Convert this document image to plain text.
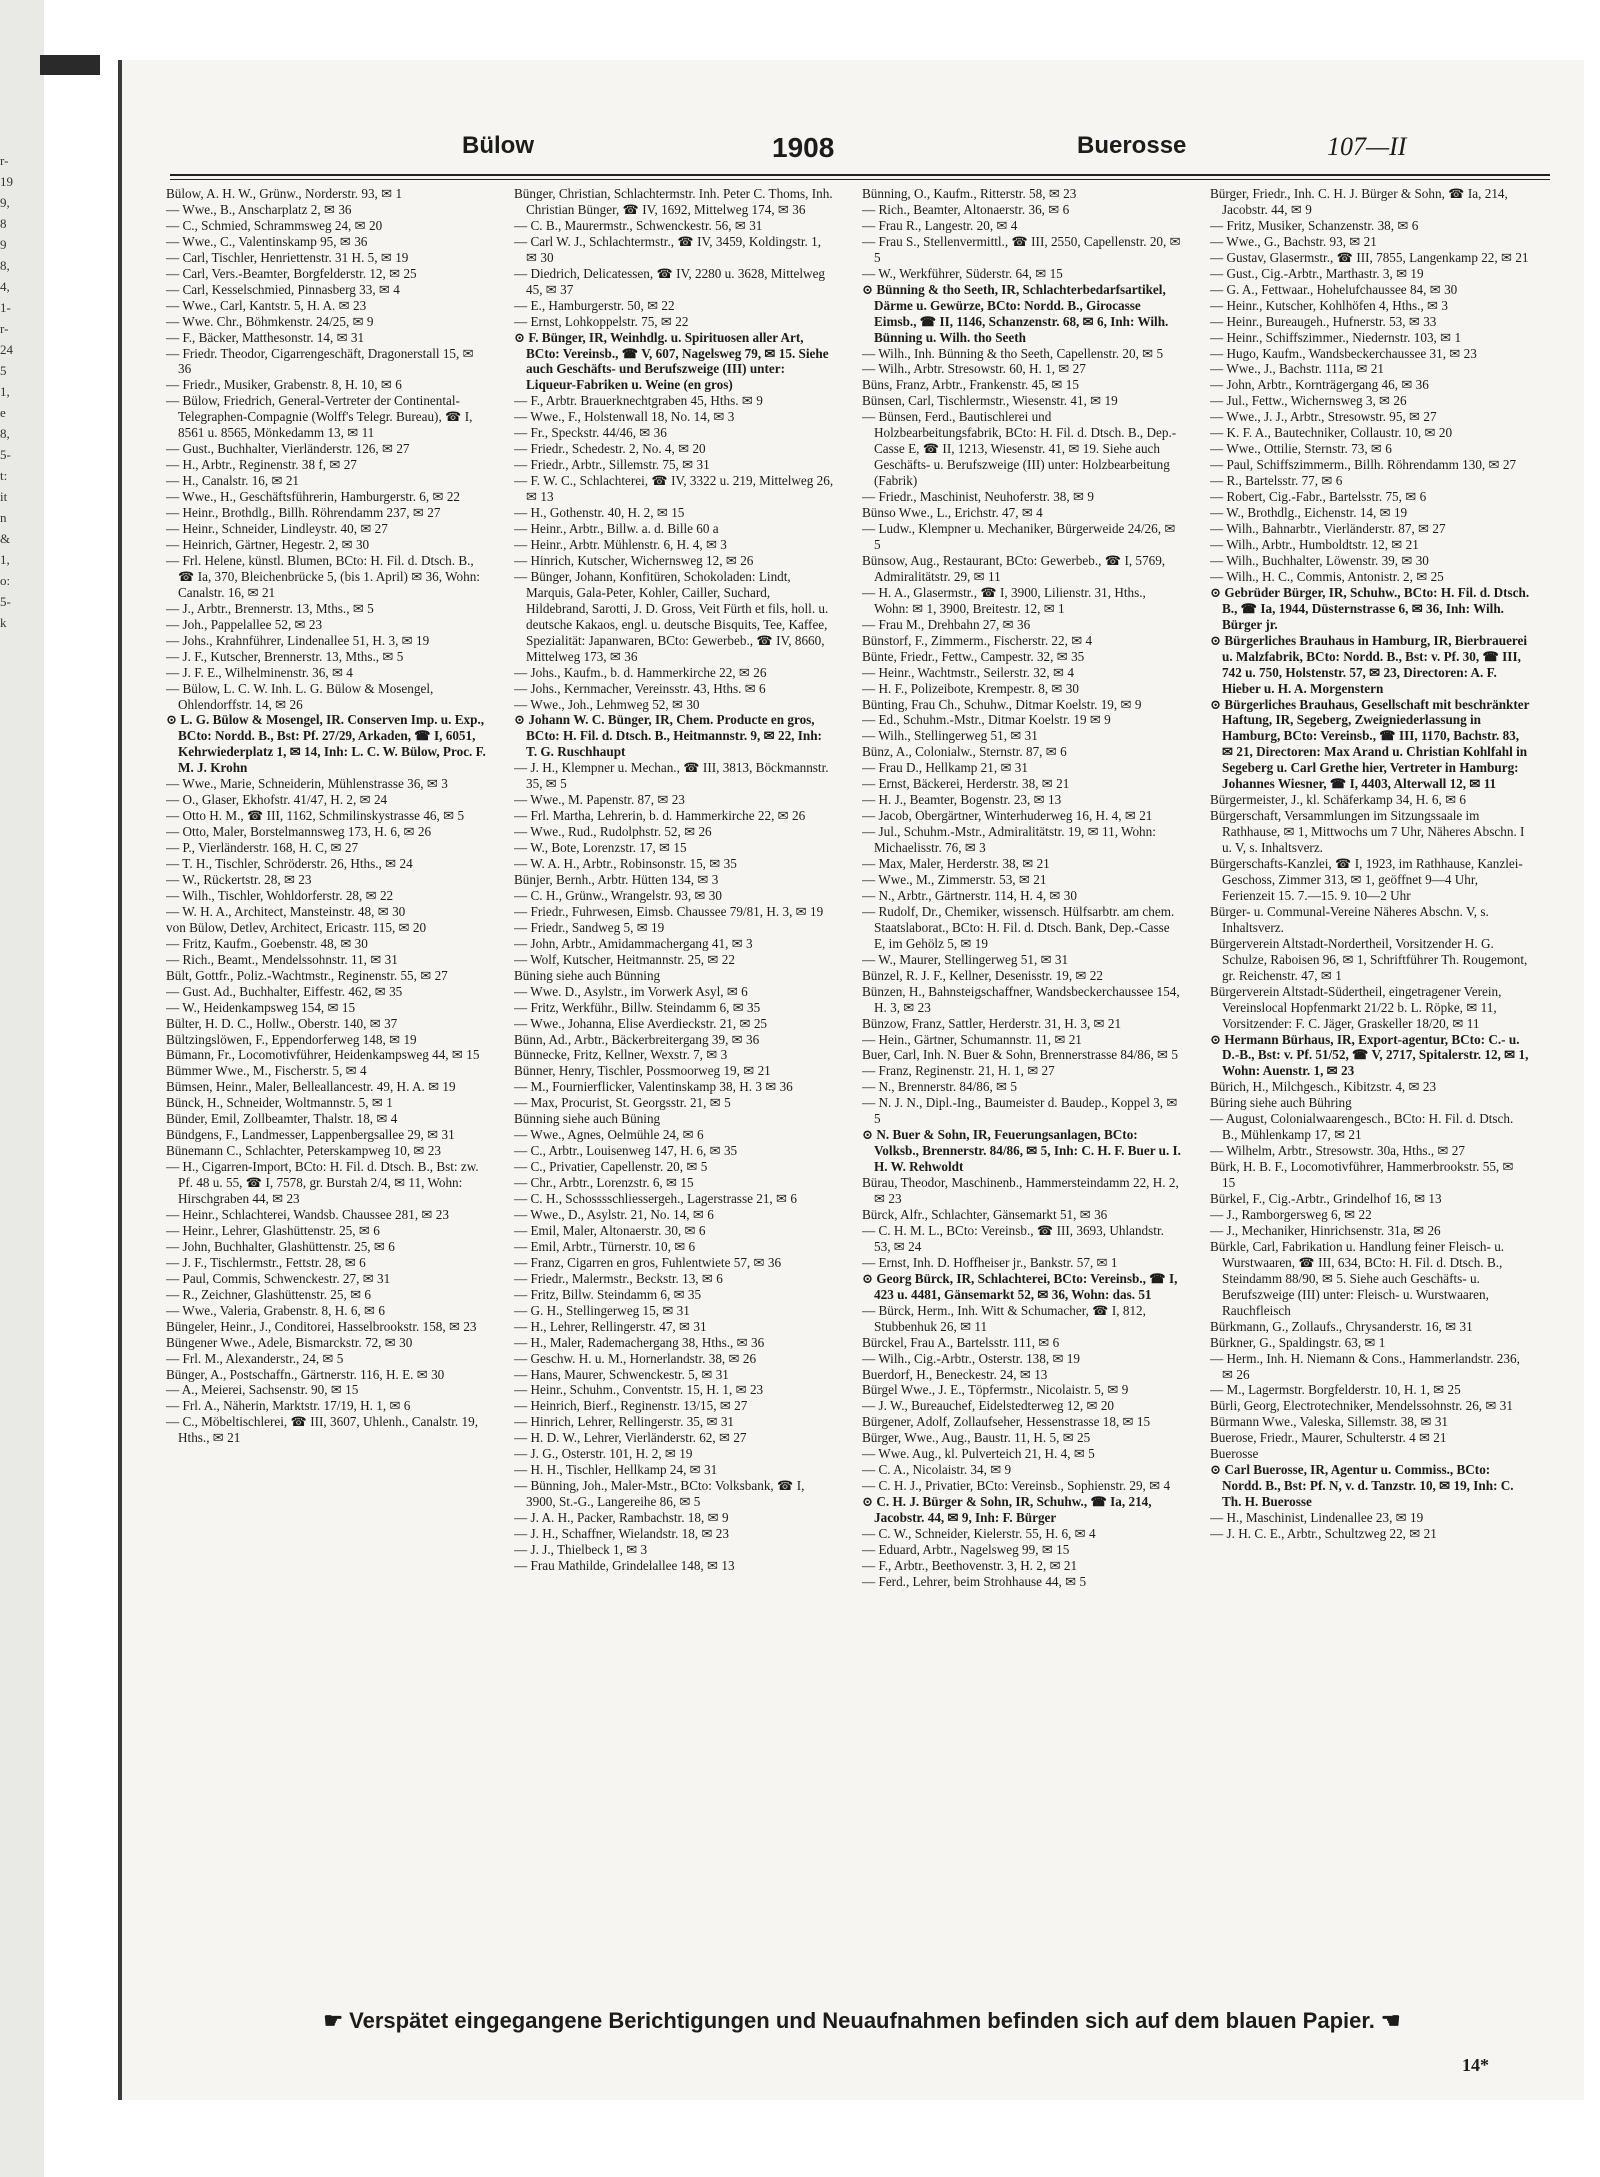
r-
19
9,
8
9
8,
4,
1-
r-
24
5
1,
e
8,
5-
t:
it
n
&
1,
o:
5-
k
Bülow	1908	Buerosse	107—II

Bülow, A. H. W., Grünw., Norderstr. 93, ✉ 1

— Wwe., B., Anscharplatz 2, ✉ 36

— C., Schmied, Schrammsweg 24, ✉ 20

— Wwe., C., Valentinskamp 95, ✉ 36

— Carl, Tischler, Henriettenstr. 31 H. 5, ✉ 19

— Carl, Vers.-Beamter, Borgfelderstr. 12, ✉ 25

— Carl, Kesselschmied, Pinnasberg 33, ✉ 4

— Wwe., Carl, Kantstr. 5, H. A. ✉ 23

— Wwe. Chr., Böhmkenstr. 24/25, ✉ 9

— F., Bäcker, Matthesonstr. 14, ✉ 31

— Friedr. Theodor, Cigarrengeschäft, Dragonerstall 15, ✉ 36

— Friedr., Musiker, Grabenstr. 8, H. 10, ✉ 6

— Bülow, Friedrich, General-Vertreter der Continental-Telegraphen-Compagnie (Wolff's Telegr. Bureau), ☎ I, 8561 u. 8565, Mönkedamm 13, ✉ 11

— Gust., Buchhalter, Vierländerstr. 126, ✉ 27

— H., Arbtr., Reginenstr. 38 f, ✉ 27

— H., Canalstr. 16, ✉ 21

— Wwe., H., Geschäftsführerin, Hamburgerstr. 6, ✉ 22

— Heinr., Brothdlg., Billh. Röhrendamm 237, ✉ 27

— Heinr., Schneider, Lindleystr. 40, ✉ 27

— Heinrich, Gärtner, Hegestr. 2, ✉ 30

— Frl. Helene, künstl. Blumen, BCto: H. Fil. d. Dtsch. B., ☎ Ia, 370, Bleichenbrücke 5, (bis 1. April) ✉ 36, Wohn: Canalstr. 16, ✉ 21

— J., Arbtr., Brennerstr. 13, Mths., ✉ 5

— Joh., Pappelallee 52, ✉ 23

— Johs., Krahnführer, Lindenallee 51, H. 3, ✉ 19

— J. F., Kutscher, Brennerstr. 13, Mths., ✉ 5

— J. F. E., Wilhelminenstr. 36, ✉ 4

— Bülow, L. C. W. Inh. L. G. Bülow & Mosengel, Ohlendorffstr. 14, ✉ 26

⊙ L. G. Bülow & Mosengel, IR. Conserven Imp. u. Exp., BCto: Nordd. B., Bst: Pf. 27/29, Arkaden, ☎ I, 6051, Kehrwiederplatz 1, ✉ 14, Inh: L. C. W. Bülow, Proc. F. M. J. Krohn

— Wwe., Marie, Schneiderin, Mühlenstrasse 36, ✉ 3

— O., Glaser, Ekhofstr. 41/47, H. 2, ✉ 24

— Otto H. M., ☎ III, 1162, Schmilinskystrasse 46, ✉ 5

— Otto, Maler, Borstelmannsweg 173, H. 6, ✉ 26

— P., Vierländerstr. 168, H. C, ✉ 27

— T. H., Tischler, Schröderstr. 26, Hths., ✉ 24

— W., Rückertstr. 28, ✉ 23

— Wilh., Tischler, Wohldorferstr. 28, ✉ 22

— W. H. A., Architect, Mansteinstr. 48, ✉ 30

von Bülow, Detlev, Architect, Ericastr. 115, ✉ 20

— Fritz, Kaufm., Goebenstr. 48, ✉ 30

— Rich., Beamt., Mendelssohnstr. 11, ✉ 31

Bült, Gottfr., Poliz.-Wachtmstr., Reginenstr. 55, ✉ 27

— Gust. Ad., Buchhalter, Eiffestr. 462, ✉ 35

— W., Heidenkampsweg 154, ✉ 15

Bülter, H. D. C., Hollw., Oberstr. 140, ✉ 37

Bültzingslöwen, F., Eppendorferweg 148, ✉ 19

Bümann, Fr., Locomotivführer, Heidenkampsweg 44, ✉ 15

Bümmer Wwe., M., Fischerstr. 5, ✉ 4

Bümsen, Heinr., Maler, Belleallancestr. 49, H. A. ✉ 19

Bünck, H., Schneider, Woltmannstr. 5, ✉ 1

Bünder, Emil, Zollbeamter, Thalstr. 18, ✉ 4

Bündgens, F., Landmesser, Lappenbergsallee 29, ✉ 31

Bünemann C., Schlachter, Peterskampweg 10, ✉ 23

— H., Cigarren-Import, BCto: H. Fil. d. Dtsch. B., Bst: zw. Pf. 48 u. 55, ☎ I, 7578, gr. Burstah 2/4, ✉ 11, Wohn: Hirschgraben 44, ✉ 23

— Heinr., Schlachterei, Wandsb. Chaussee 281, ✉ 23

— Heinr., Lehrer, Glashüttenstr. 25, ✉ 6

— John, Buchhalter, Glashüttenstr. 25, ✉ 6

— J. F., Tischlermstr., Fettstr. 28, ✉ 6

— Paul, Commis, Schwenckestr. 27, ✉ 31

— R., Zeichner, Glashüttenstr. 25, ✉ 6

— Wwe., Valeria, Grabenstr. 8, H. 6, ✉ 6

Büngeler, Heinr., J., Conditorei, Hasselbrookstr. 158, ✉ 23

Büngener Wwe., Adele, Bismarckstr. 72, ✉ 30

— Frl. M., Alexanderstr., 24, ✉ 5

Bünger, A., Postschaffn., Gärtnerstr. 116, H. E. ✉ 30

— A., Meierei, Sachsenstr. 90, ✉ 15

— Frl. A., Näherin, Marktstr. 17/19, H. 1, ✉ 6

— C., Möbeltischlerei, ☎ III, 3607, Uhlenh., Canalstr. 19, Hths., ✉ 21

Bünger, Christian, Schlachtermstr. Inh. Peter C. Thoms, Inh. Christian Bünger, ☎ IV, 1692, Mittelweg 174, ✉ 36

— C. B., Maurermstr., Schwenckestr. 56, ✉ 31

— Carl W. J., Schlachtermstr., ☎ IV, 3459, Koldingstr. 1, ✉ 30

— Diedrich, Delicatessen, ☎ IV, 2280 u. 3628, Mittelweg 45, ✉ 37

— E., Hamburgerstr. 50, ✉ 22

— Ernst, Lohkoppelstr. 75, ✉ 22

⊙ F. Bünger, IR, Weinhdlg. u. Spirituosen aller Art, BCto: Vereinsb., ☎ V, 607, Nagelsweg 79, ✉ 15. Siehe auch Geschäfts- und Berufszweige (III) unter: Liqueur-Fabriken u. Weine (en gros)

— F., Arbtr. Brauerknechtgraben 45, Hths. ✉ 9

— Wwe., F., Holstenwall 18, No. 14, ✉ 3

— Fr., Speckstr. 44/46, ✉ 36

— Friedr., Schedestr. 2, No. 4, ✉ 20

— Friedr., Arbtr., Sillemstr. 75, ✉ 31

— F. W. C., Schlachterei, ☎ IV, 3322 u. 219, Mittelweg 26, ✉ 13

— H., Gothenstr. 40, H. 2, ✉ 15

— Heinr., Arbtr., Billw. a. d. Bille 60 a

— Heinr., Arbtr. Mühlenstr. 6, H. 4, ✉ 3

— Hinrich, Kutscher, Wichernsweg 12, ✉ 26

— Bünger, Johann, Konfitüren, Schokoladen: Lindt, Marquis, Gala-Peter, Kohler, Cailler, Suchard, Hildebrand, Sarotti, J. D. Gross, Veit Fürth et fils, holl. u. deutsche Kakaos, engl. u. deutsche Bisquits, Tee, Kaffee, Spezialität: Japanwaren, BCto: Gewerbeb., ☎ IV, 8660, Mittelweg 173, ✉ 36

— Johs., Kaufm., b. d. Hammerkirche 22, ✉ 26

— Johs., Kernmacher, Vereinsstr. 43, Hths. ✉ 6

— Wwe., Joh., Lehmweg 52, ✉ 30

⊙ Johann W. C. Bünger, IR, Chem. Producte en gros, BCto: H. Fil. d. Dtsch. B., Heitmannstr. 9, ✉ 22, Inh: T. G. Ruschhaupt

— J. H., Klempner u. Mechan., ☎ III, 3813, Böckmannstr. 35, ✉ 5

— Wwe., M. Papenstr. 87, ✉ 23

— Frl. Martha, Lehrerin, b. d. Hammerkirche 22, ✉ 26

— Wwe., Rud., Rudolphstr. 52, ✉ 26

— W., Bote, Lorenzstr. 17, ✉ 15

— W. A. H., Arbtr., Robinsonstr. 15, ✉ 35

Bünjer, Bernh., Arbtr. Hütten 134, ✉ 3

— C. H., Grünw., Wrangelstr. 93, ✉ 30

— Friedr., Fuhrwesen, Eimsb. Chaussee 79/81, H. 3, ✉ 19

— Friedr., Sandweg 5, ✉ 19

— John, Arbtr., Amidammachergang 41, ✉ 3

— Wolf, Kutscher, Heitmannstr. 25, ✉ 22

Büning siehe auch Bünning

— Wwe. D., Asylstr., im Vorwerk Asyl, ✉ 6

— Fritz, Werkführ., Billw. Steindamm 6, ✉ 35

— Wwe., Johanna, Elise Averdieckstr. 21, ✉ 25

Bünn, Ad., Arbtr., Bäckerbreitergang 39, ✉ 36

Bünnecke, Fritz, Kellner, Wexstr. 7, ✉ 3

Bünner, Henry, Tischler, Possmoorweg 19, ✉ 21

— M., Fournierflicker, Valentinskamp 38, H. 3 ✉ 36

— Max, Procurist, St. Georgsstr. 21, ✉ 5

Bünning siehe auch Büning

— Wwe., Agnes, Oelmühle 24, ✉ 6

— C., Arbtr., Louisenweg 147, H. 6, ✉ 35

— C., Privatier, Capellenstr. 20, ✉ 5

— Chr., Arbtr., Lorenzstr. 6, ✉ 15

— C. H., Schosssschliessergeh., Lagerstrasse 21, ✉ 6

— Wwe., D., Asylstr. 21, No. 14, ✉ 6

— Emil, Maler, Altonaerstr. 30, ✉ 6

— Emil, Arbtr., Türnerstr. 10, ✉ 6

— Franz, Cigarren en gros, Fuhlentwiete 57, ✉ 36

— Friedr., Malermstr., Beckstr. 13, ✉ 6

— Fritz, Billw. Steindamm 6, ✉ 35

— G. H., Stellingerweg 15, ✉ 31

— H., Lehrer, Rellingerstr. 47, ✉ 31

— H., Maler, Rademachergang 38, Hths., ✉ 36

— Geschw. H. u. M., Hornerlandstr. 38, ✉ 26

— Hans, Maurer, Schwenckestr. 5, ✉ 31

— Heinr., Schuhm., Conventstr. 15, H. 1, ✉ 23

— Heinrich, Bierf., Reginenstr. 13/15, ✉ 27

— Hinrich, Lehrer, Rellingerstr. 35, ✉ 31

— H. D. W., Lehrer, Vierländerstr. 62, ✉ 27

— J. G., Osterstr. 101, H. 2, ✉ 19

— H. H., Tischler, Hellkamp 24, ✉ 31

— Bünning, Joh., Maler-Mstr., BCto: Volksbank, ☎ I, 3900, St.-G., Langereihe 86, ✉ 5

— J. A. H., Packer, Rambachstr. 18, ✉ 9

— J. H., Schaffner, Wielandstr. 18, ✉ 23

— J. J., Thielbeck 1, ✉ 3

— Frau Mathilde, Grindelallee 148, ✉ 13

Bünning, O., Kaufm., Ritterstr. 58, ✉ 23

— Rich., Beamter, Altonaerstr. 36, ✉ 6

— Frau R., Langestr. 20, ✉ 4

— Frau S., Stellenvermittl., ☎ III, 2550, Capellenstr. 20, ✉ 5

— W., Werkführer, Süderstr. 64, ✉ 15

⊙ Bünning & tho Seeth, IR, Schlachterbedarfsartikel, Därme u. Gewürze, BCto: Nordd. B., Girocasse Eimsb., ☎ II, 1146, Schanzenstr. 68, ✉ 6, Inh: Wilh. Bünning u. Wilh. tho Seeth

— Wilh., Inh. Bünning & tho Seeth, Capellenstr. 20, ✉ 5

— Wilh., Arbtr. Stresowstr. 60, H. 1, ✉ 27

Büns, Franz, Arbtr., Frankenstr. 45, ✉ 15

Bünsen, Carl, Tischlermstr., Wiesenstr. 41, ✉ 19

— Bünsen, Ferd., Bautischlerei und Holzbearbeitungsfabrik, BCto: H. Fil. d. Dtsch. B., Dep.-Casse E, ☎ II, 1213, Wiesenstr. 41, ✉ 19. Siehe auch Geschäfts- u. Berufszweige (III) unter: Holzbearbeitung (Fabrik)

— Friedr., Maschinist, Neuhoferstr. 38, ✉ 9

Bünso Wwe., L., Erichstr. 47, ✉ 4

— Ludw., Klempner u. Mechaniker, Bürgerweide 24/26, ✉ 5

Bünsow, Aug., Restaurant, BCto: Gewerbeb., ☎ I, 5769, Admiralitätstr. 29, ✉ 11

— H. A., Glasermstr., ☎ I, 3900, Lilienstr. 31, Hths., Wohn: ✉ 1, 3900, Breitestr. 12, ✉ 1

— Frau M., Drehbahn 27, ✉ 36

Bünstorf, F., Zimmerm., Fischerstr. 22, ✉ 4

Bünte, Friedr., Fettw., Campestr. 32, ✉ 35

— Heinr., Wachtmstr., Seilerstr. 32, ✉ 4

— H. F., Polizeibote, Krempestr. 8, ✉ 30

Bünting, Frau Ch., Schuhw., Ditmar Koelstr. 19, ✉ 9

— Ed., Schuhm.-Mstr., Ditmar Koelstr. 19 ✉ 9

— Wilh., Stellingerweg 51, ✉ 31

Bünz, A., Colonialw., Sternstr. 87, ✉ 6

— Frau D., Hellkamp 21, ✉ 31

— Ernst, Bäckerei, Herderstr. 38, ✉ 21

— H. J., Beamter, Bogenstr. 23, ✉ 13

— Jacob, Obergärtner, Winterhuderweg 16, H. 4, ✉ 21

— Jul., Schuhm.-Mstr., Admiralitätstr. 19, ✉ 11, Wohn: Michaelisstr. 76, ✉ 3

— Max, Maler, Herderstr. 38, ✉ 21

— Wwe., M., Zimmerstr. 53, ✉ 21

— N., Arbtr., Gärtnerstr. 114, H. 4, ✉ 30

— Rudolf, Dr., Chemiker, wissensch. Hülfsarbtr. am chem. Staatslaborat., BCto: H. Fil. d. Dtsch. Bank, Dep.-Casse E, im Gehölz 5, ✉ 19

— W., Maurer, Stellingerweg 51, ✉ 31

Bünzel, R. J. F., Kellner, Desenisstr. 19, ✉ 22

Bünzen, H., Bahnsteigschaffner, Wandsbeckerchaussee 154, H. 3, ✉ 23

Bünzow, Franz, Sattler, Herderstr. 31, H. 3, ✉ 21

— Hein., Gärtner, Schumannstr. 11, ✉ 21

Buer, Carl, Inh. N. Buer & Sohn, Brennerstrasse 84/86, ✉ 5

— Franz, Reginenstr. 21, H. 1, ✉ 27

— N., Brennerstr. 84/86, ✉ 5

— N. J. N., Dipl.-Ing., Baumeister d. Baudep., Koppel 3, ✉ 5

⊙ N. Buer & Sohn, IR, Feuerungsanlagen, BCto: Volksb., Brennerstr. 84/86, ✉ 5, Inh: C. H. F. Buer u. I. H. W. Rehwoldt

Bürau, Theodor, Maschinenb., Hammersteindamm 22, H. 2, ✉ 23

Bürck, Alfr., Schlachter, Gänsemarkt 51, ✉ 36

— C. H. M. L., BCto: Vereinsb., ☎ III, 3693, Uhlandstr. 53, ✉ 24

— Ernst, Inh. D. Hoffheiser jr., Bankstr. 57, ✉ 1

⊙ Georg Bürck, IR, Schlachterei, BCto: Vereinsb., ☎ I, 423 u. 4481, Gänsemarkt 52, ✉ 36, Wohn: das. 51

— Bürck, Herm., Inh. Witt & Schumacher, ☎ I, 812, Stubbenhuk 26, ✉ 11

Bürckel, Frau A., Bartelsstr. 111, ✉ 6

— Wilh., Cig.-Arbtr., Osterstr. 138, ✉ 19

Buerdorf, H., Beneckestr. 24, ✉ 13

Bürgel Wwe., J. E., Töpfermstr., Nicolaistr. 5, ✉ 9

— J. W., Bureauchef, Eidelstedterweg 12, ✉ 20

Bürgener, Adolf, Zollaufseher, Hessenstrasse 18, ✉ 15

Bürger, Wwe., Aug., Baustr. 11, H. 5, ✉ 25

— Wwe. Aug., kl. Pulverteich 21, H. 4, ✉ 5

— C. A., Nicolaistr. 34, ✉ 9

— C. H. J., Privatier, BCto: Vereinsb., Sophienstr. 29, ✉ 4

⊙ C. H. J. Bürger & Sohn, IR, Schuhw., ☎ Ia, 214, Jacobstr. 44, ✉ 9, Inh: F. Bürger

— C. W., Schneider, Kielerstr. 55, H. 6, ✉ 4

— Eduard, Arbtr., Nagelsweg 99, ✉ 15

— F., Arbtr., Beethovenstr. 3, H. 2, ✉ 21

— Ferd., Lehrer, beim Strohhause 44, ✉ 5

Bürger, Friedr., Inh. C. H. J. Bürger & Sohn, ☎ Ia, 214, Jacobstr. 44, ✉ 9

— Fritz, Musiker, Schanzenstr. 38, ✉ 6

— Wwe., G., Bachstr. 93, ✉ 21

— Gustav, Glasermstr., ☎ III, 7855, Langenkamp 22, ✉ 21

— Gust., Cig.-Arbtr., Marthastr. 3, ✉ 19

— G. A., Fettwaar., Hohelufchaussee 84, ✉ 30

— Heinr., Kutscher, Kohlhöfen 4, Hths., ✉ 3

— Heinr., Bureaugeh., Hufnerstr. 53, ✉ 33

— Heinr., Schiffszimmer., Niedernstr. 103, ✉ 1

— Hugo, Kaufm., Wandsbeckerchaussee 31, ✉ 23

— Wwe., J., Bachstr. 111a, ✉ 21

— John, Arbtr., Kornträgergang 46, ✉ 36

— Jul., Fettw., Wichernsweg 3, ✉ 26

— Wwe., J. J., Arbtr., Stresowstr. 95, ✉ 27

— K. F. A., Bautechniker, Collaustr. 10, ✉ 20

— Wwe., Ottilie, Sternstr. 73, ✉ 6

— Paul, Schiffszimmerm., Billh. Röhrendamm 130, ✉ 27

— R., Bartelsstr. 77, ✉ 6

— Robert, Cig.-Fabr., Bartelsstr. 75, ✉ 6

— W., Brothdlg., Eichenstr. 14, ✉ 19

— Wilh., Bahnarbtr., Vierländerstr. 87, ✉ 27

— Wilh., Arbtr., Humboldtstr. 12, ✉ 21

— Wilh., Buchhalter, Löwenstr. 39, ✉ 30

— Wilh., H. C., Commis, Antonistr. 2, ✉ 25

⊙ Gebrüder Bürger, IR, Schuhw., BCto: H. Fil. d. Dtsch. B., ☎ Ia, 1944, Düsternstrasse 6, ✉ 36, Inh: Wilh. Bürger jr.

⊙ Bürgerliches Brauhaus in Hamburg, IR, Bierbrauerei u. Malzfabrik, BCto: Nordd. B., Bst: v. Pf. 30, ☎ III, 742 u. 750, Holstenstr. 57, ✉ 23, Directoren: A. F. Hieber u. H. A. Morgenstern

⊙ Bürgerliches Brauhaus, Gesellschaft mit beschränkter Haftung, IR, Segeberg, Zweigniederlassung in Hamburg, BCto: Vereinsb., ☎ III, 1170, Bachstr. 83, ✉ 21, Directoren: Max Arand u. Christian Kohlfahl in Segeberg u. Carl Grethe hier, Vertreter in Hamburg: Johannes Wiesner, ☎ I, 4403, Alterwall 12, ✉ 11

Bürgermeister, J., kl. Schäferkamp 34, H. 6, ✉ 6

Bürgerschaft, Versammlungen im Sitzungssaale im Rathhause, ✉ 1, Mittwochs um 7 Uhr, Näheres Abschn. I u. V, s. Inhaltsverz.

Bürgerschafts-Kanzlei, ☎ I, 1923, im Rathhause, Kanzlei-Geschoss, Zimmer 313, ✉ 1, geöffnet 9—4 Uhr, Ferienzeit 15. 7.—15. 9. 10—2 Uhr

Bürger- u. Communal-Vereine Näheres Abschn. V, s. Inhaltsverz.

Bürgerverein Altstadt-Nordertheil, Vorsitzender H. G. Schulze, Raboisen 96, ✉ 1, Schriftführer Th. Rougemont, gr. Reichenstr. 47, ✉ 1

Bürgerverein Altstadt-Südertheil, eingetragener Verein, Vereinslocal Hopfenmarkt 21/22 b. L. Röpke, ✉ 11, Vorsitzender: F. C. Jäger, Graskeller 18/20, ✉ 11

⊙ Hermann Bürhaus, IR, Export-agentur, BCto: C.- u. D.-B., Bst: v. Pf. 51/52, ☎ V, 2717, Spitalerstr. 12, ✉ 1, Wohn: Auenstr. 1, ✉ 23

Bürich, H., Milchgesch., Kibitzstr. 4, ✉ 23

Büring siehe auch Bühring

— August, Colonialwaarengesch., BCto: H. Fil. d. Dtsch. B., Mühlenkamp 17, ✉ 21

— Wilhelm, Arbtr., Stresowstr. 30a, Hths., ✉ 27

Bürk, H. B. F., Locomotivführer, Hammerbrookstr. 55, ✉ 15

Bürkel, F., Cig.-Arbtr., Grindelhof 16, ✉ 13

— J., Ramborgersweg 6, ✉ 22

— J., Mechaniker, Hinrichsenstr. 31a, ✉ 26

Bürkle, Carl, Fabrikation u. Handlung feiner Fleisch- u. Wurstwaaren, ☎ III, 634, BCto: H. Fil. d. Dtsch. B., Steindamm 88/90, ✉ 5. Siehe auch Geschäfts- u. Berufszweige (III) unter: Fleisch- u. Wurstwaaren, Rauchfleisch

Bürkmann, G., Zollaufs., Chrysanderstr. 16, ✉ 31

Bürkner, G., Spaldingstr. 63, ✉ 1

— Herm., Inh. H. Niemann & Cons., Hammerlandstr. 236, ✉ 26

— M., Lagermstr. Borgfelderstr. 10, H. 1, ✉ 25

Bürli, Georg, Electrotechniker, Mendelssohnstr. 26, ✉ 31

Bürmann Wwe., Valeska, Sillemstr. 38, ✉ 31

Buerose, Friedr., Maurer, Schulterstr. 4 ✉ 21

Buerosse

⊙ Carl Buerosse, IR, Agentur u. Commiss., BCto: Nordd. B., Bst: Pf. N, v. d. Tanzstr. 10, ✉ 19, Inh: C. Th. H. Buerosse

— H., Maschinist, Lindenallee 23, ✉ 19

— J. H. C. E., Arbtr., Schultzweg 22, ✉ 21

☛ Verspätet eingegangene Berichtigungen und Neuaufnahmen befinden sich auf dem blauen Papier. ☚
14*
